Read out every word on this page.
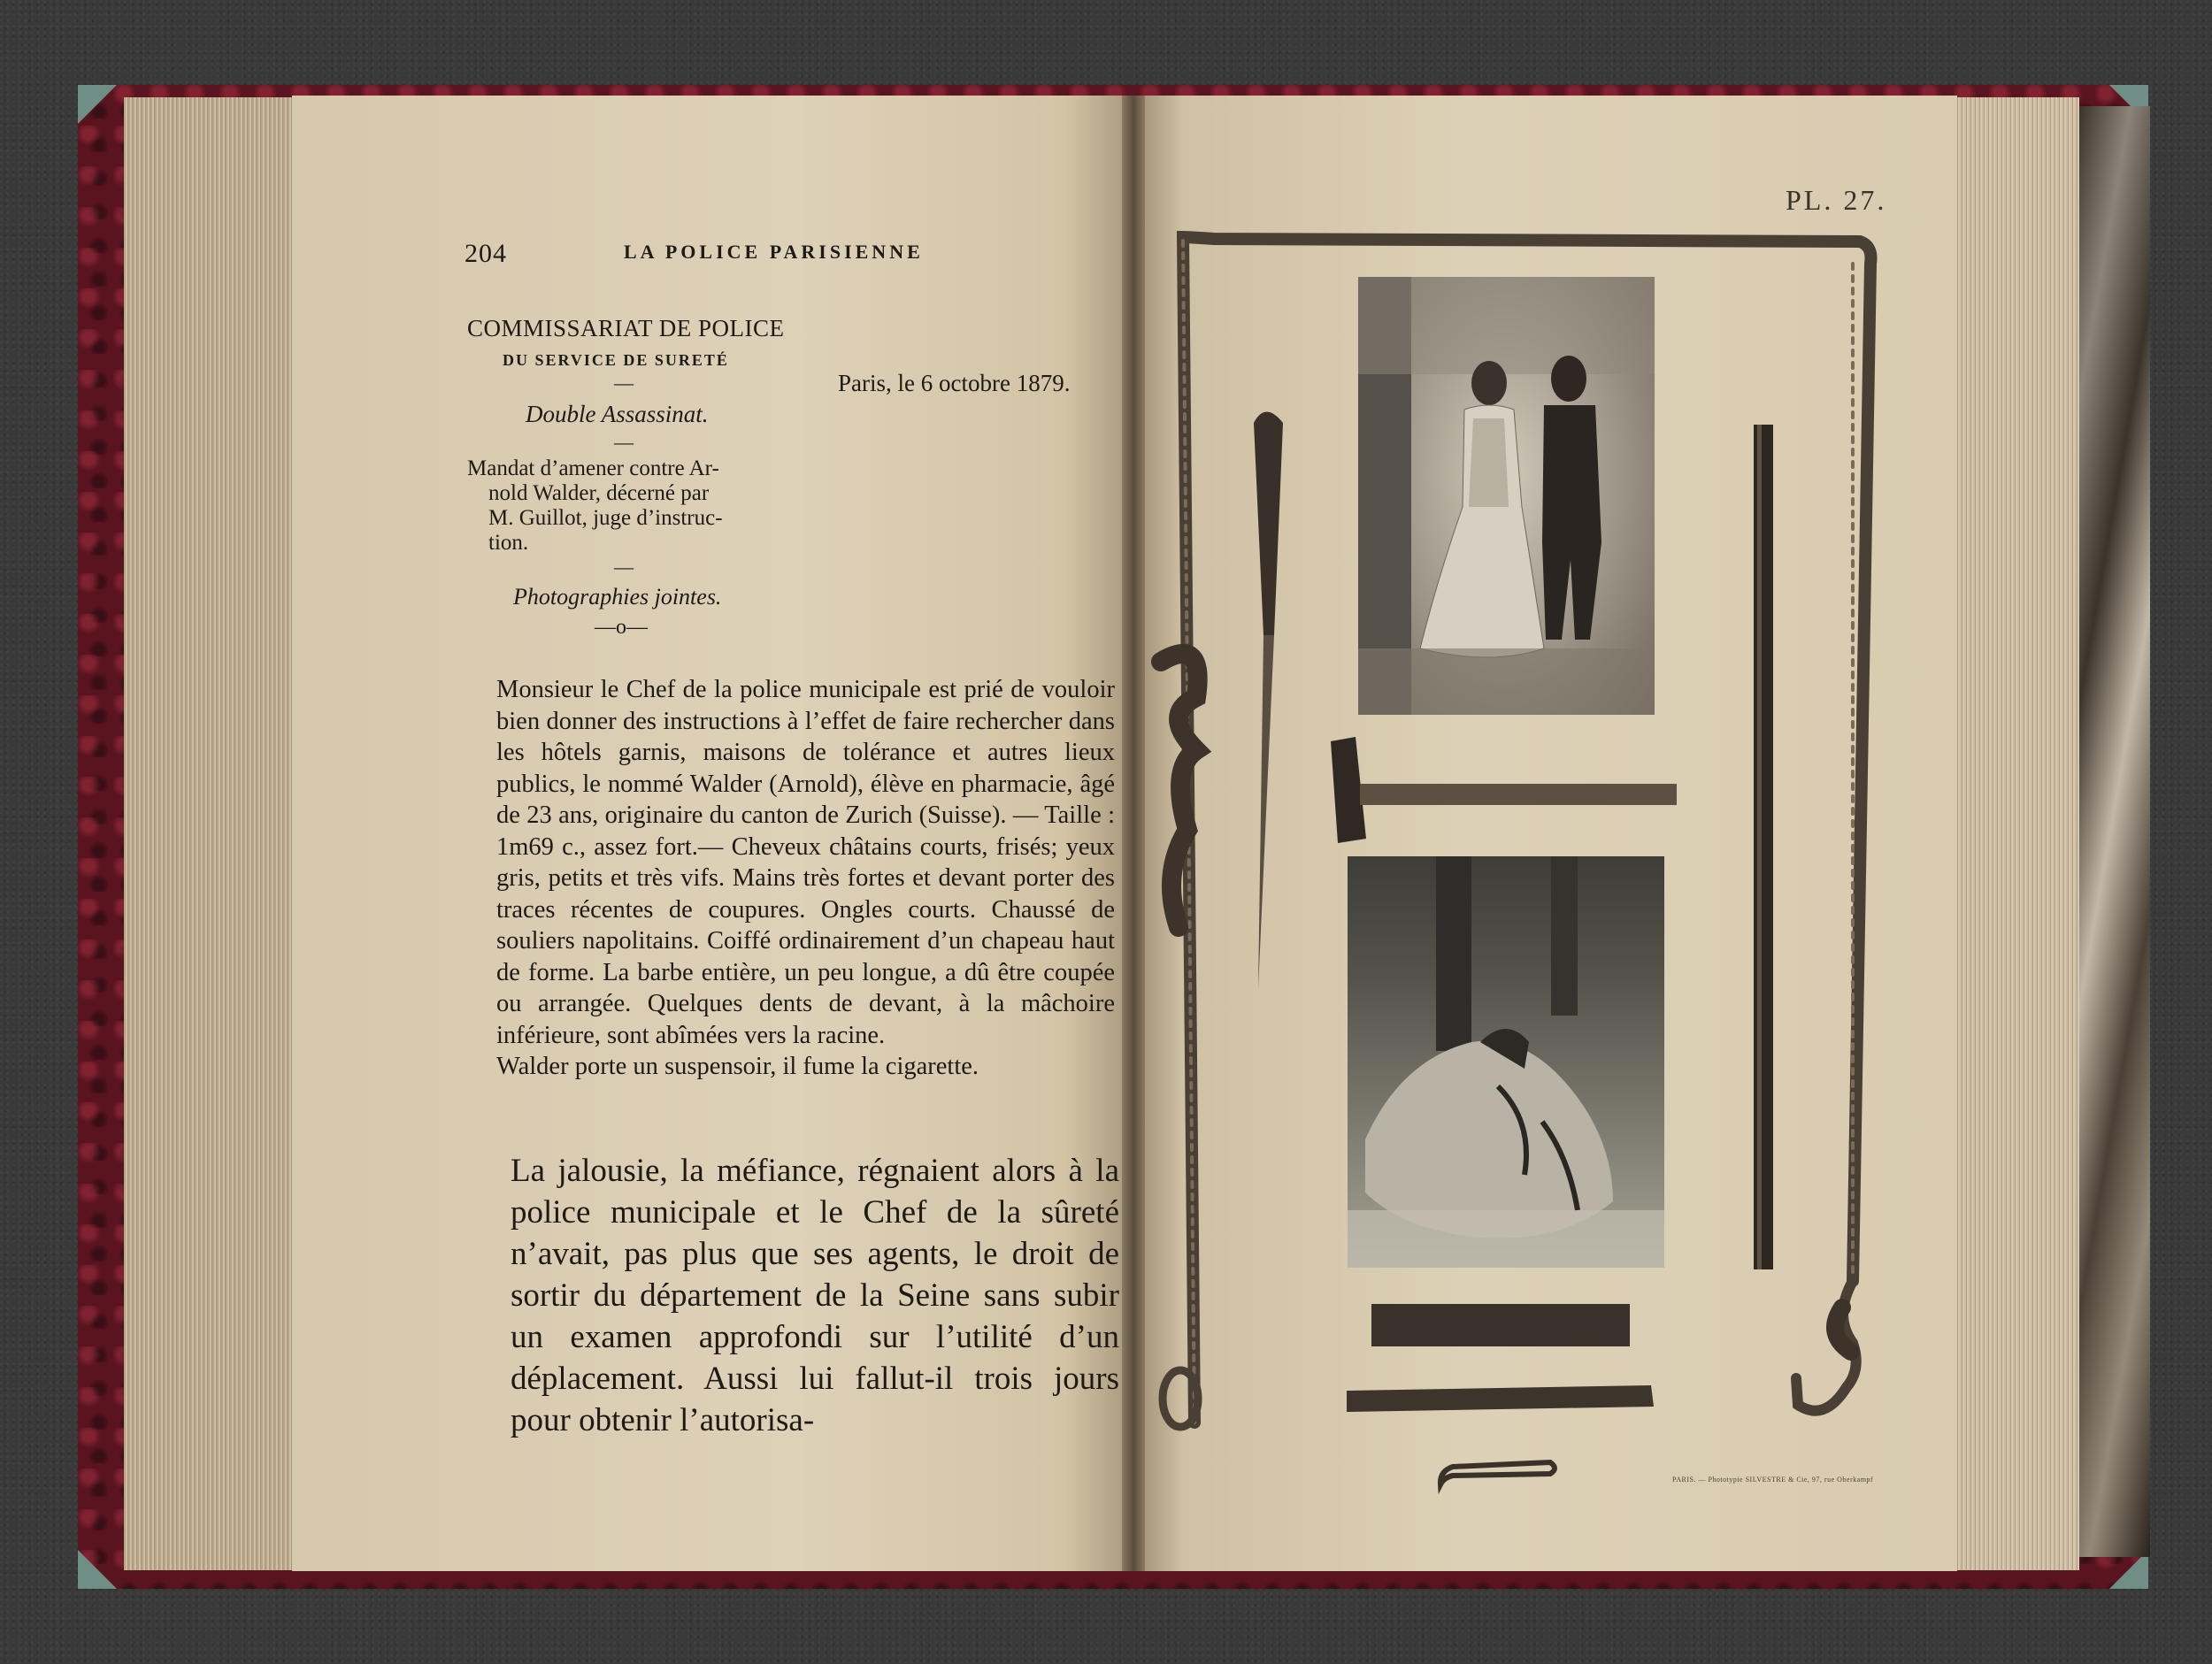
204	LA POLICE PARISIENNE
COMMISSARIAT DE POLICE
DU SERVICE DE SURETÉ
—	Paris, le 6 octobre 1879.
Double Assassinat.
—
Mandat d’amener contre Ar-
nold Walder, décerné par
M. Guillot, juge d’instruc-
tion.
—
Photographies jointes.
—o—

Monsieur le Chef de la police municipale est prié de vouloir bien donner des instructions à l’effet de faire rechercher dans les hôtels garnis, maisons de tolérance et autres lieux publics, le nommé Walder (Arnold), élève en pharmacie, âgé de 23 ans, originaire du canton de Zurich (Suisse). — Taille : 1m69 c., assez fort.— Cheveux châtains courts, frisés; yeux gris, petits et très vifs. Mains très fortes et devant porter des traces récentes de coupures. Ongles courts. Chaussé de souliers napolitains. Coiffé ordinairement d’un chapeau haut de forme. La barbe entière, un peu longue, a dû être coupée ou arrangée. Quelques dents de devant, à la mâchoire inférieure, sont abîmées vers la racine.

Walder porte un suspensoir, il fume la cigarette.

La jalousie, la méfiance, régnaient alors à la police municipale et le Chef de la sûreté n’avait, pas plus que ses agents, le droit de sortir du département de la Seine sans subir un examen approfondi sur l’utilité d’un déplacement. Aussi lui fallut-il trois jours pour obtenir l’autorisa-

PL. 27.
PARIS. — Phototypie SILVESTRE & Cie, 97, rue Oberkampf
